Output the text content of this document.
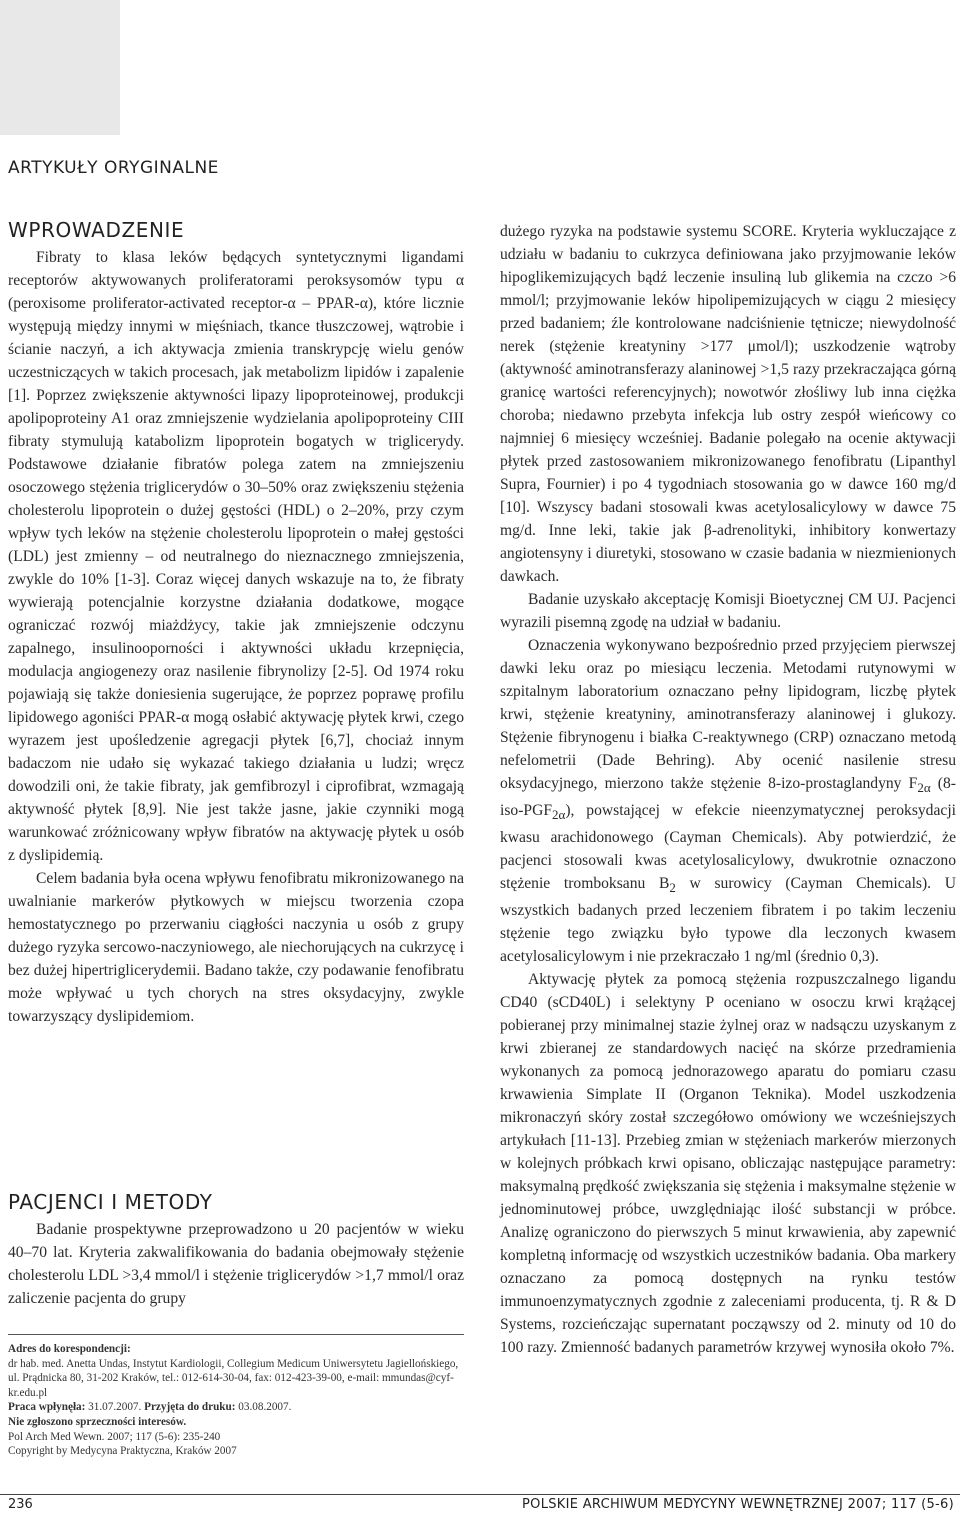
ARTYKUŁY ORYGINALNE
WPROWADZENIE

Fibraty to klasa leków będących syntetycznymi ligandami receptorów aktywowanych proliferatorami peroksysomów typu α (peroxisome proliferator-activated receptor-α – PPAR-α), które licznie występują między innymi w mięśniach, tkance tłuszczowej, wątrobie i ścianie naczyń, a ich aktywacja zmienia transkrypcję wielu genów uczestniczących w takich procesach, jak metabolizm lipidów i zapalenie [1]. Poprzez zwiększenie aktywności lipazy lipoproteinowej, produkcji apolipoproteiny A1 oraz zmniejszenie wydzielania apolipoproteiny CIII fibraty stymulują katabolizm lipoprotein bogatych w triglicerydy. Podstawowe działanie fibratów polega zatem na zmniejszeniu osoczowego stężenia triglicerydów o 30–50% oraz zwiększeniu stężenia cholesterolu lipoprotein o dużej gęstości (HDL) o 2–20%, przy czym wpływ tych leków na stężenie cholesterolu lipoprotein o małej gęstości (LDL) jest zmienny – od neutralnego do nieznacznego zmniejszenia, zwykle do 10% [1-3]. Coraz więcej danych wskazuje na to, że fibraty wywierają potencjalnie korzystne działania dodatkowe, mogące ograniczać rozwój miażdżycy, takie jak zmniejszenie odczynu zapalnego, insulinooporności i aktywności układu krzepnięcia, modulacja angiogenezy oraz nasilenie fibrynolizy [2-5]. Od 1974 roku pojawiają się także doniesienia sugerujące, że poprzez poprawę profilu lipidowego agoniści PPAR-α mogą osłabić aktywację płytek krwi, czego wyrazem jest upośledzenie agregacji płytek [6,7], chociaż innym badaczom nie udało się wykazać takiego działania u ludzi; wręcz dowodzili oni, że takie fibraty, jak gemfibrozyl i ciprofibrat, wzmagają aktywność płytek [8,9]. Nie jest także jasne, jakie czynniki mogą warunkować zróżnicowany wpływ fibratów na aktywację płytek u osób z dyslipidemią.

Celem badania była ocena wpływu fenofibratu mikronizowanego na uwalnianie markerów płytkowych w miejscu tworzenia czopa hemostatycznego po przerwaniu ciągłości naczynia u osób z grupy dużego ryzyka sercowo-naczyniowego, ale niechorujących na cukrzycę i bez dużej hipertriglicerydemii. Badano także, czy podawanie fenofibratu może wpływać u tych chorych na stres oksydacyjny, zwykle towarzyszący dyslipidemiom.

PACJENCI I METODY

Badanie prospektywne przeprowadzono u 20 pacjentów w wieku 40–70 lat. Kryteria zakwalifikowania do badania obejmowały stężenie cholesterolu LDL >3,4 mmol/l i stężenie triglicerydów >1,7 mmol/l oraz zaliczenie pacjenta do grupy

Adres do korespondencji:
dr hab. med. Anetta Undas, Instytut Kardiologii, Collegium Medicum Uniwersytetu Jagiellońskiego, ul. Prądnicka 80, 31-202 Kraków, tel.: 012-614-30-04, fax: 012-423-39-00, e-mail: mmundas@cyf-kr.edu.pl
Praca wpłynęła: 31.07.2007. Przyjęta do druku: 03.08.2007.
Nie zgłoszono sprzeczności interesów.
Pol Arch Med Wewn. 2007; 117 (5-6): 235-240
Copyright by Medycyna Praktyczna, Kraków 2007

dużego ryzyka na podstawie systemu SCORE. Kryteria wykluczające z udziału w badaniu to cukrzyca definiowana jako przyjmowanie leków hipoglikemizujących bądź leczenie insuliną lub glikemia na czczo >6 mmol/l; przyjmowanie leków hipolipemizujących w ciągu 2 miesięcy przed badaniem; źle kontrolowane nadciśnienie tętnicze; niewydolność nerek (stężenie kreatyniny >177 μmol/l); uszkodzenie wątroby (aktywność aminotransferazy alaninowej >1,5 razy przekraczająca górną granicę wartości referencyjnych); nowotwór złośliwy lub inna ciężka choroba; niedawno przebyta infekcja lub ostry zespół wieńcowy co najmniej 6 miesięcy wcześniej. Badanie polegało na ocenie aktywacji płytek przed zastosowaniem mikronizowanego fenofibratu (Lipanthyl Supra, Fournier) i po 4 tygodniach stosowania go w dawce 160 mg/d [10]. Wszyscy badani stosowali kwas acetylosalicylowy w dawce 75 mg/d. Inne leki, takie jak β-adrenolityki, inhibitory konwertazy angiotensyny i diuretyki, stosowano w czasie badania w niezmienionych dawkach.

Badanie uzyskało akceptację Komisji Bioetycznej CM UJ. Pacjenci wyrazili pisemną zgodę na udział w badaniu.

Oznaczenia wykonywano bezpośrednio przed przyjęciem pierwszej dawki leku oraz po miesiącu leczenia. Metodami rutynowymi w szpitalnym laboratorium oznaczano pełny lipidogram, liczbę płytek krwi, stężenie kreatyniny, aminotransferazy alaninowej i glukozy. Stężenie fibrynogenu i białka C-reaktywnego (CRP) oznaczano metodą nefelometrii (Dade Behring). Aby ocenić nasilenie stresu oksydacyjnego, mierzono także stężenie 8-izo-prostaglandyny $F_{2\alpha}$ $(8-iso-PGF_{2\alpha})$, powstającej w efekcie nieenzymatycznej peroksydacji kwasu arachidonowego (Cayman Chemicals). Aby potwierdzić, że pacjenci stosowali kwas acetylosalicylowy, dwukrotnie oznaczono stężenie tromboksanu $B_2$ w surowicy (Cayman Chemicals). U wszystkich badanych przed leczeniem fibratem i po takim leczeniu stężenie tego związku było typowe dla leczonych kwasem acetylosalicylowym i nie przekraczało 1 ng/ml (średnio 0,3).

Aktywację płytek za pomocą stężenia rozpuszczalnego ligandu CD40 (sCD40L) i selektyny P oceniano w osoczu krwi krążącej pobieranej przy minimalnej stazie żylnej oraz w nadsączu uzyskanym z krwi zbieranej ze standardowych nacięć na skórze przedramienia wykonanych za pomocą jednorazowego aparatu do pomiaru czasu krwawienia Simplate II (Organon Teknika). Model uszkodzenia mikronaczyń skóry został szczegółowo omówiony we wcześniejszych artykułach [11-13]. Przebieg zmian w stężeniach markerów mierzonych w kolejnych próbkach krwi opisano, obliczając następujące parametry: maksymalną prędkość zwiększania się stężenia i maksymalne stężenie w jednominutowej próbce, uwzględniając ilość substancji w próbce. Analizę ograniczono do pierwszych 5 minut krwawienia, aby zapewnić kompletną informację od wszystkich uczestników badania. Oba markery oznaczano za pomocą dostępnych na rynku testów immunoenzymatycznych zgodnie z zaleceniami producenta, tj. R & D Systems, rozcieńczając supernatant począwszy od 2. minuty od 10 do 100 razy. Zmienność badanych parametrów krzywej wynosiła około 7%.

236	POLSKIE ARCHIWUM MEDYCYNY WEWNĘTRZNEJ 2007; 117 (5-6)
